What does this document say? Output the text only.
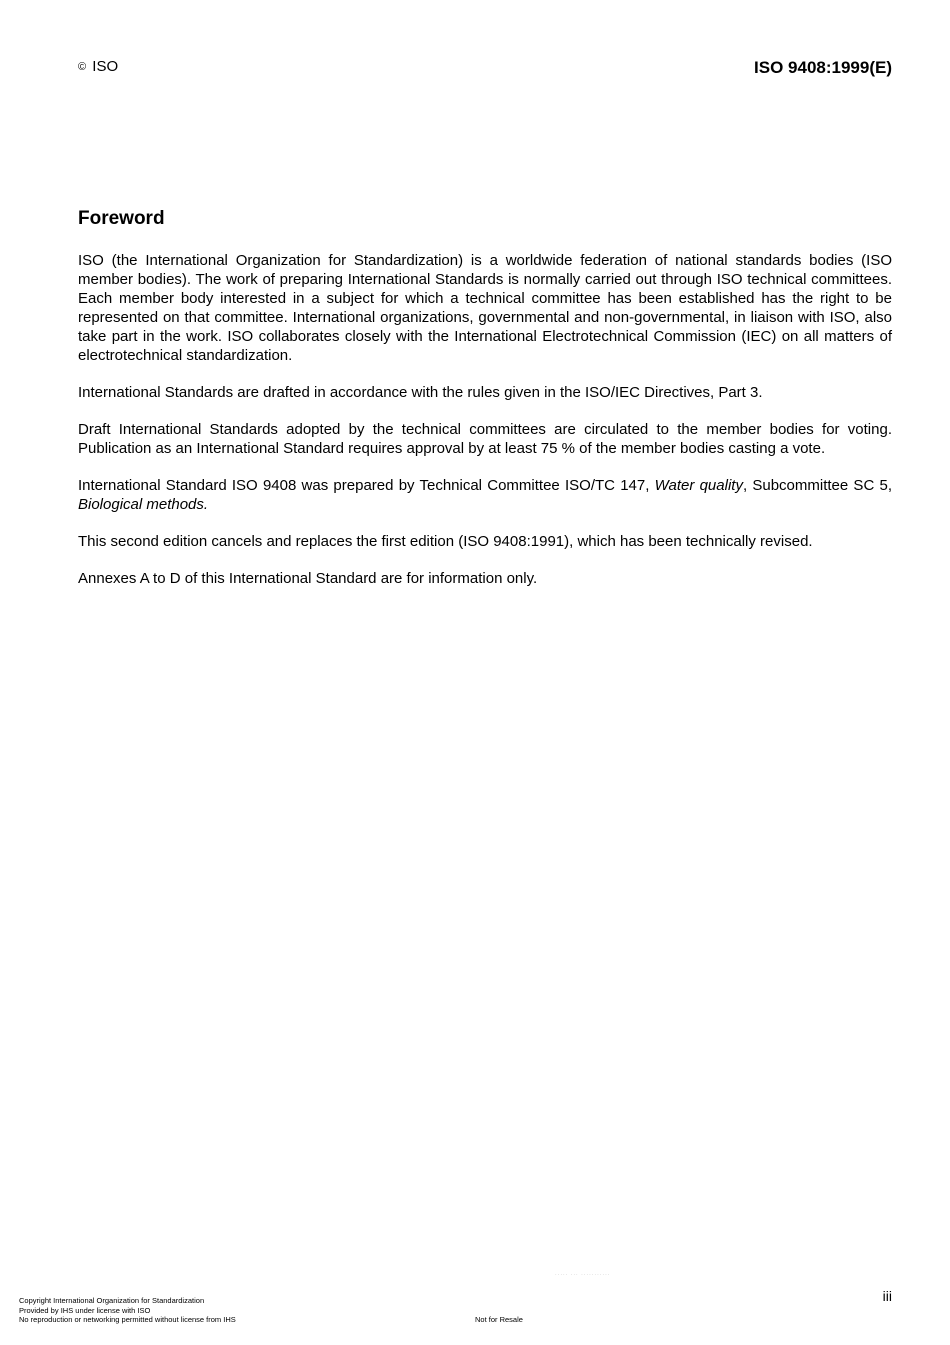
© ISO	ISO 9408:1999(E)
Foreword

ISO (the International Organization for Standardization) is a worldwide federation of national standards bodies (ISO member bodies). The work of preparing International Standards is normally carried out through ISO technical committees. Each member body interested in a subject for which a technical committee has been established has the right to be represented on that committee. International organizations, governmental and non-governmental, in liaison with ISO, also take part in the work. ISO collaborates closely with the International Electrotechnical Commission (IEC) on all matters of electrotechnical standardization.

International Standards are drafted in accordance with the rules given in the ISO/IEC Directives, Part 3.

Draft International Standards adopted by the technical committees are circulated to the member bodies for voting. Publication as an International Standard requires approval by at least 75 % of the member bodies casting a vote.

International Standard ISO 9408 was prepared by Technical Committee ISO/TC 147, Water quality, Subcommittee SC 5, Biological methods.

This second edition cancels and replaces the first edition (ISO 9408:1991), which has been technically revised.

Annexes A to D of this International Standard are for information only.

····· ··· ···········
iii
Copyright International Organization for Standardization
Provided by IHS under license with ISO
No reproduction or networking permitted without license from IHS	Not for Resale
